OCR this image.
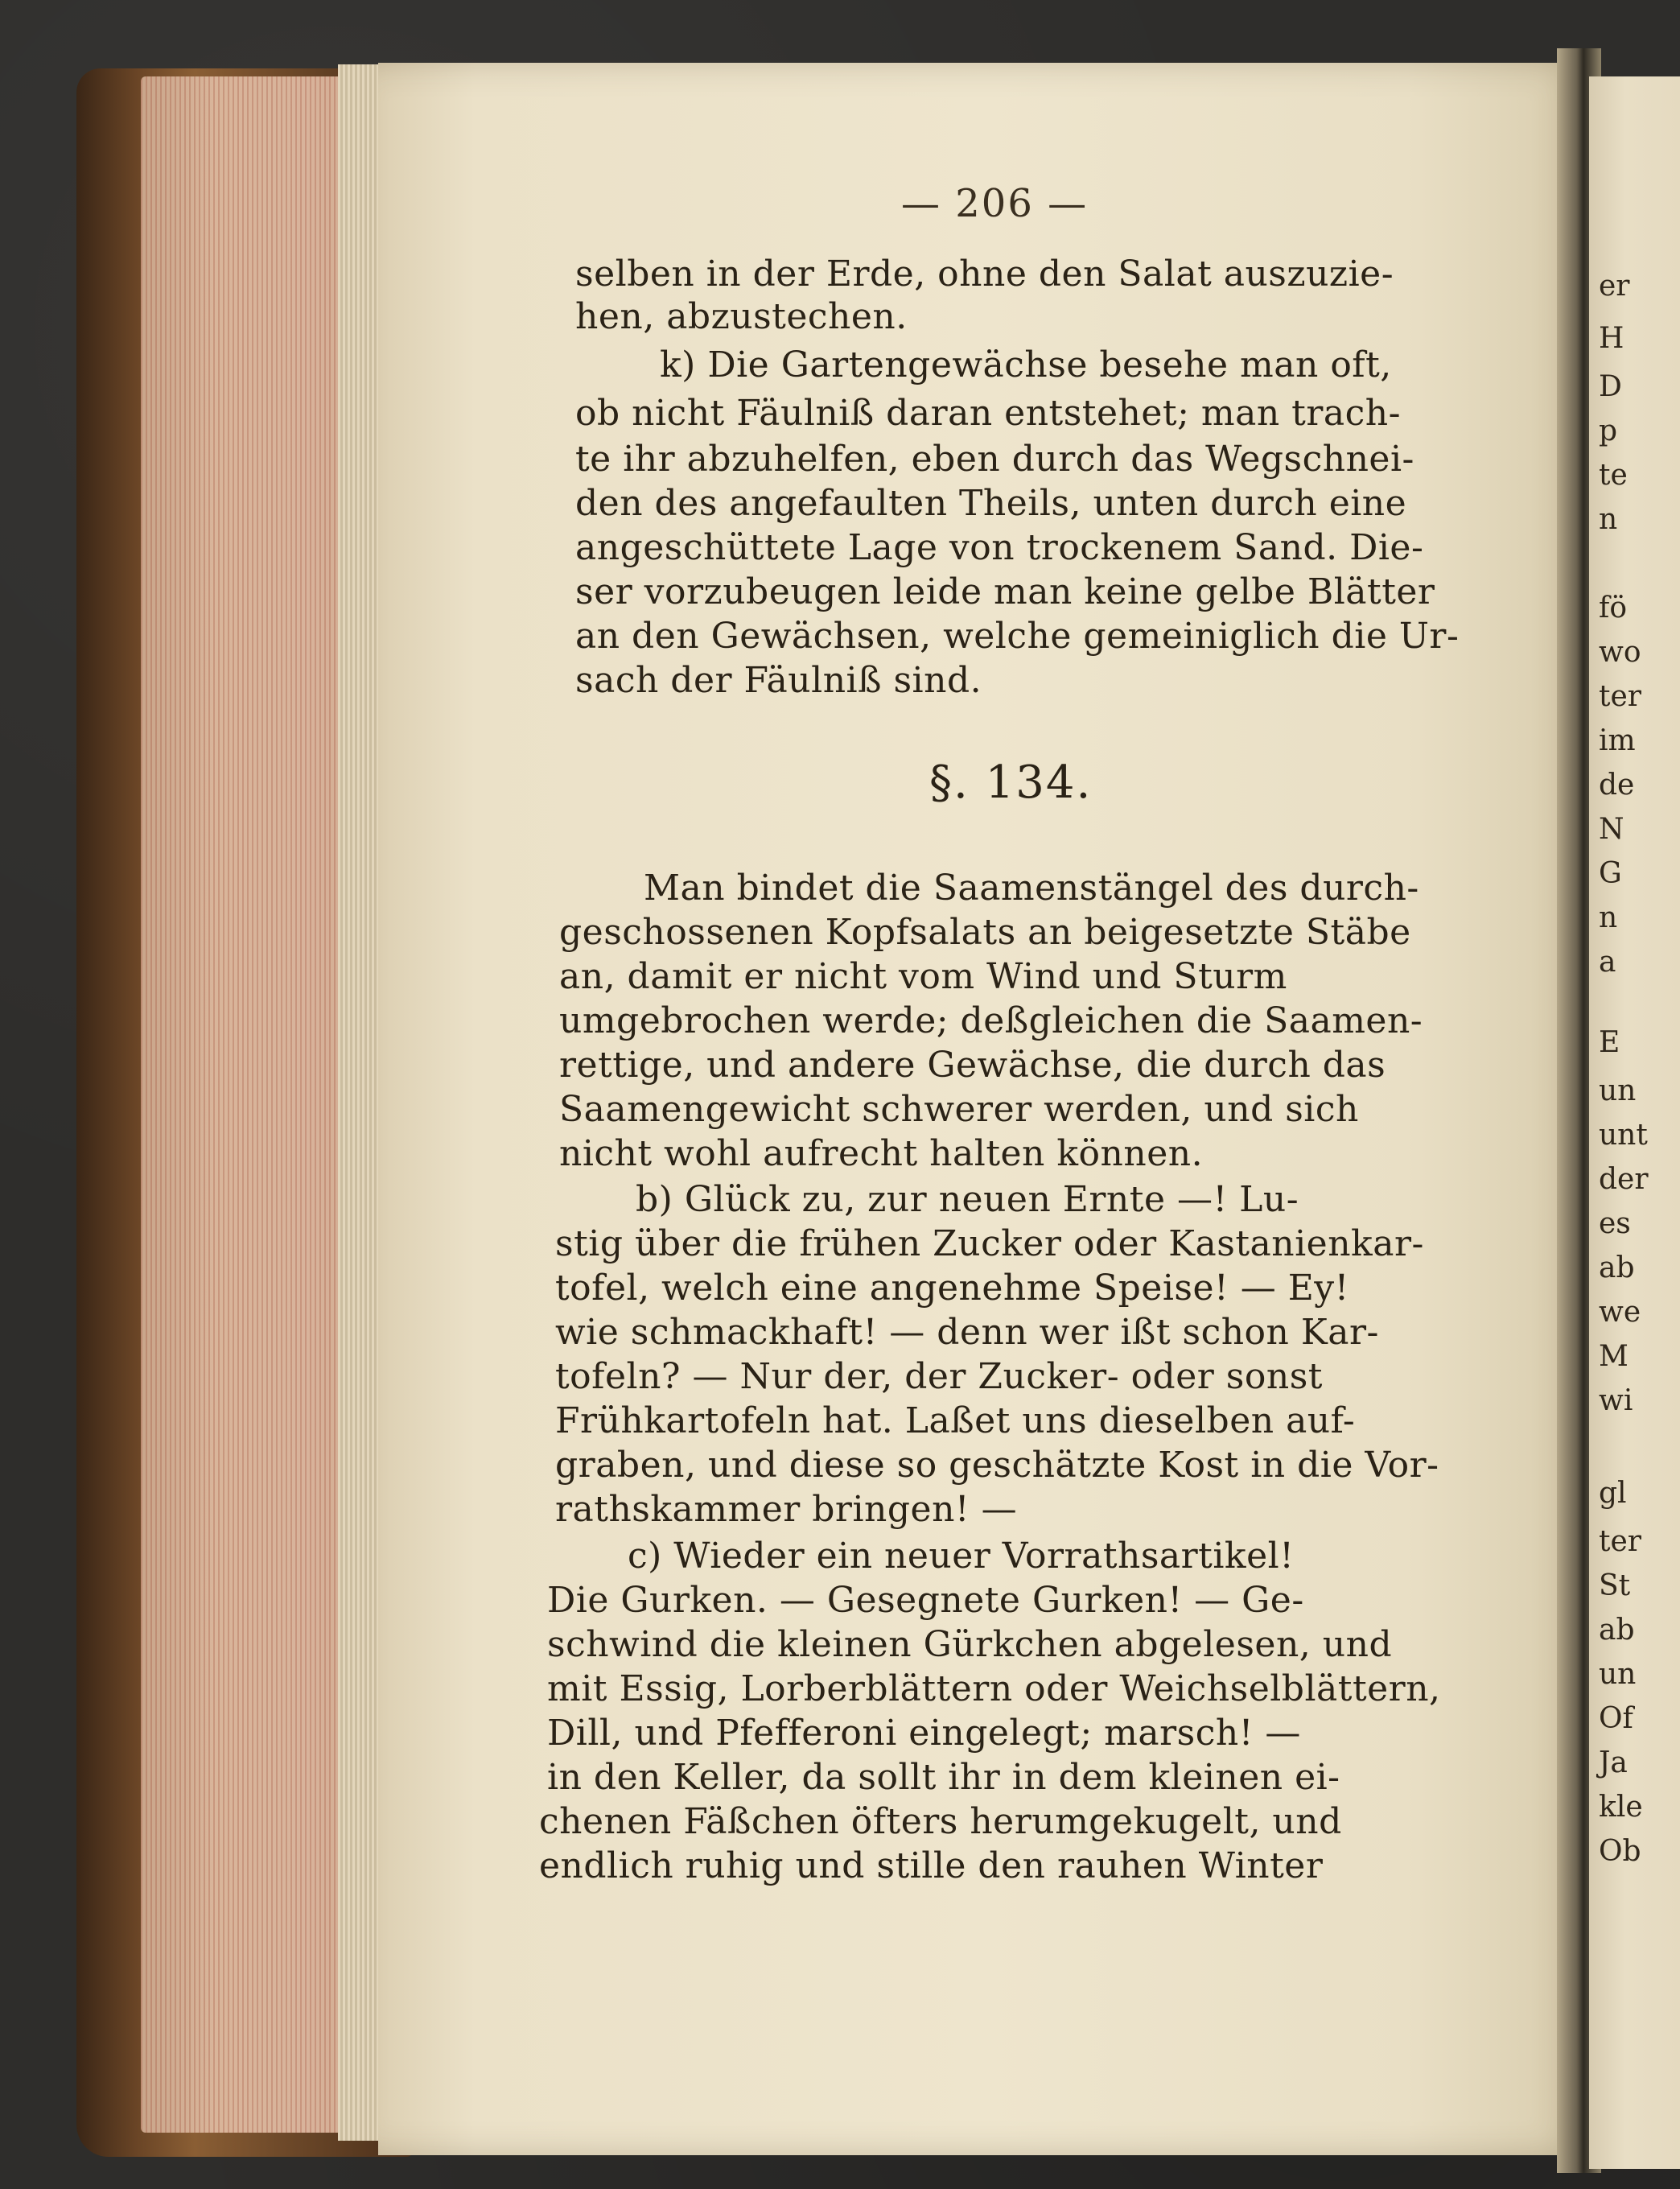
— 206 —
selben in der Erde, ohne den Salat auszuzie-
hen, abzustechen.
k) Die Gartengewächse besehe man oft,
ob nicht Fäulniß daran entstehet; man trach-
te ihr abzuhelfen, eben durch das Wegschnei-
den des angefaulten Theils, unten durch eine
angeschüttete Lage von trockenem Sand. Die-
ser vorzubeugen leide man keine gelbe Blätter
an den Gewächsen, welche gemeiniglich die Ur-
sach der Fäulniß sind.
§. 134.
Man bindet die Saamenstängel des durch-
geschossenen Kopfsalats an beigesetzte Stäbe
an, damit er nicht vom Wind und Sturm
umgebrochen werde; deßgleichen die Saamen-
rettige, und andere Gewächse, die durch das
Saamengewicht schwerer werden, und sich
nicht wohl aufrecht halten können.
b) Glück zu, zur neuen Ernte —! Lu-
stig über die frühen Zucker oder Kastanienkar-
tofel, welch eine angenehme Speise! — Ey!
wie schmackhaft! — denn wer ißt schon Kar-
tofeln? — Nur der, der Zucker- oder sonst
Frühkartofeln hat. Laßet uns dieselben auf-
graben, und diese so geschätzte Kost in die Vor-
rathskammer bringen! —
c) Wieder ein neuer Vorrathsartikel!
Die Gurken. — Gesegnete Gurken! — Ge-
schwind die kleinen Gürkchen abgelesen, und
mit Essig, Lorberblättern oder Weichselblättern,
Dill, und Pfefferoni eingelegt; marsch! —
in den Keller, da sollt ihr in dem kleinen ei-
chenen Fäßchen öfters herumgekugelt, und
endlich ruhig und stille den rauhen Winter
er
H
D
p
te
n
fö
wo
ter
im
de
N
G
n
a
E
un
unt
der
es
ab
we
M
wi
gl
ter
St
ab
un
Of
Ja
kle
Ob
